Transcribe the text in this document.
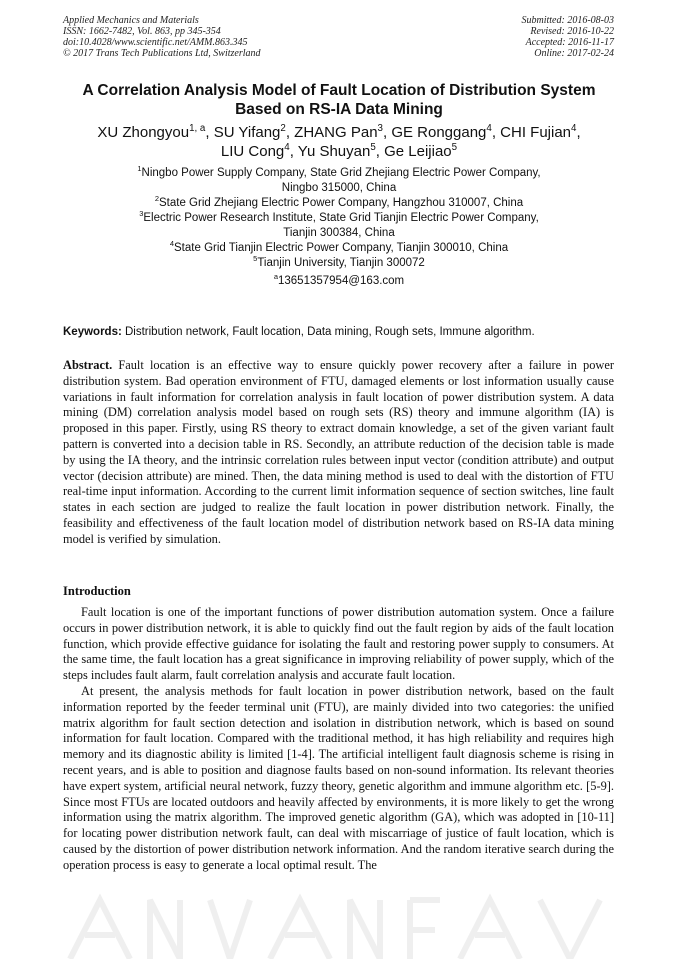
Applied Mechanics and Materials
ISSN: 1662-7482, Vol. 863, pp 345-354
doi:10.4028/www.scientific.net/AMM.863.345
© 2017 Trans Tech Publications Ltd, Switzerland
Submitted: 2016-08-03
Revised: 2016-10-22
Accepted: 2016-11-17
Online: 2017-02-24
A Correlation Analysis Model of Fault Location of Distribution System
Based on RS-IA Data Mining
XU Zhongyou$^{1, a}$, SU Yifang$^2$, ZHANG Pan$^3$, GE Ronggang$^4$, CHI Fujian$^4$,
LIU Cong$^4$, Yu Shuyan$^5$, Ge Leijiao$^5$
$^1$Ningbo Power Supply Company, State Grid Zhejiang Electric Power Company,
Ningbo 315000, China
$^2$State Grid Zhejiang Electric Power Company, Hangzhou 310007, China
$^3$Electric Power Research Institute, State Grid Tianjin Electric Power Company,
Tianjin 300384, China
$^4$State Grid Tianjin Electric Power Company, Tianjin 300010, China
$^5$Tianjin University, Tianjin 300072
$^a$13651357954@163.com
Keywords: Distribution network, Fault location, Data mining, Rough sets, Immune algorithm.
Abstract. Fault location is an effective way to ensure quickly power recovery after a failure in power distribution system. Bad operation environment of FTU, damaged elements or lost information usually cause variations in fault information for correlation analysis in fault location of power distribution system. A data mining (DM) correlation analysis model based on rough sets (RS) theory and immune algorithm (IA) is proposed in this paper. Firstly, using RS theory to extract domain knowledge, a set of the given variant fault pattern is converted into a decision table in RS. Secondly, an attribute reduction of the decision table is made by using the IA theory, and the intrinsic correlation rules between input vector (condition attribute) and output vector (decision attribute) are mined. Then, the data mining method is used to deal with the distortion of FTU real-time input information. According to the current limit information sequence of section switches, line fault states in each section are judged to realize the fault location in power distribution network. Finally, the feasibility and effectiveness of the fault location model of distribution network based on RS-IA data mining model is verified by simulation.
Introduction

Fault location is one of the important functions of power distribution automation system. Once a failure occurs in power distribution network, it is able to quickly find out the fault region by aids of the fault location function, which provide effective guidance for isolating the fault and restoring power supply to consumers. At the same time, the fault location has a great significance in improving reliability of power supply, which of the steps includes fault alarm, fault correlation analysis and accurate fault location.

At present, the analysis methods for fault location in power distribution network, based on the fault information reported by the feeder terminal unit (FTU), are mainly divided into two categories: the unified matrix algorithm for fault section detection and isolation in distribution network, which is based on sound information for fault location. Compared with the traditional method, it has high reliability and requires high memory and its diagnostic ability is limited [1-4]. The artificial intelligent fault diagnosis scheme is rising in recent years, and is able to position and diagnose faults based on non-sound information. Its relevant theories have expert system, artificial neural network, fuzzy theory, genetic algorithm and immune algorithm etc. [5-9]. Since most FTUs are located outdoors and heavily affected by environments, it is more likely to get the wrong information using the matrix algorithm. The improved genetic algorithm (GA), which was adopted in [10-11] for locating power distribution network fault, can deal with miscarriage of justice of fault location, which is caused by the distortion of power distribution network information. And the random iterative search during the operation process is easy to generate a local optimal result. The
